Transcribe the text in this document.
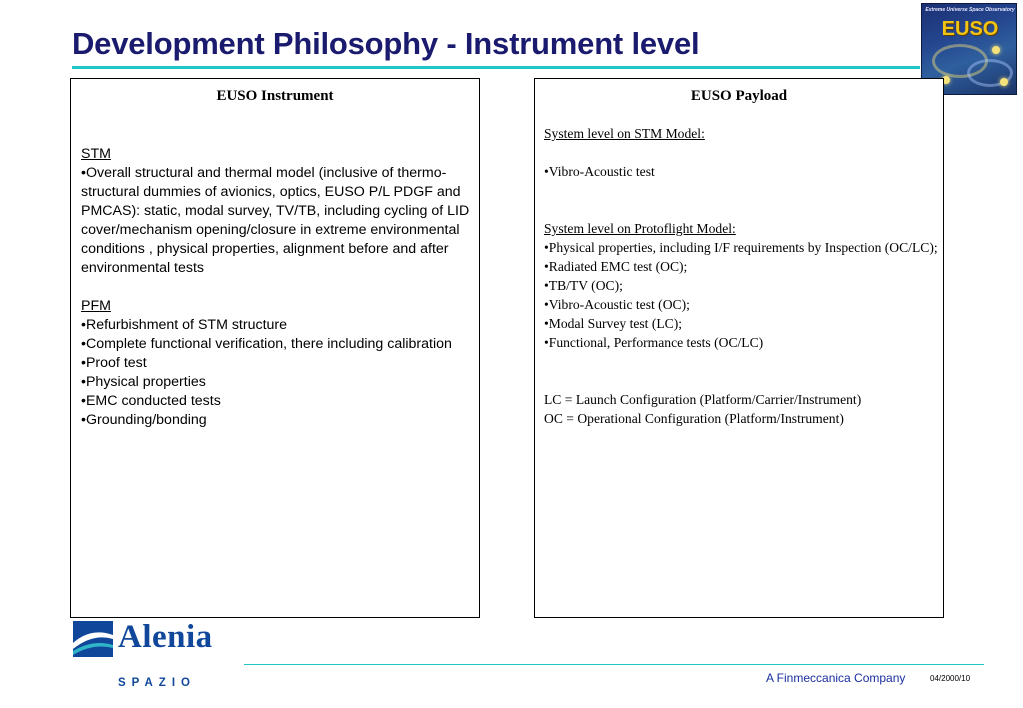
Development Philosophy - Instrument level
Extreme Universe Space Observatory
EUSO
EUSO Instrument
STM
• Overall structural and thermal model (inclusive of thermo-structural dummies of avionics, optics, EUSO P/L PDGF and PMCAS): static, modal survey, TV/TB, including cycling of LID cover/mechanism opening/closure in extreme environmental conditions , physical properties, alignment before and after environmental tests
PFM
• Refurbishment of STM structure
• Complete functional verification, there including calibration
• Proof test
• Physical properties
• EMC conducted tests
• Grounding/bonding
EUSO Payload
System level on STM Model:
• Vibro-Acoustic test
System level on Protoflight Model:
• Physical properties, including I/F requirements by Inspection (OC/LC);
• Radiated EMC test (OC);
• TB/TV (OC);
• Vibro-Acoustic test (OC);
• Modal Survey test (LC);
• Functional, Performance tests (OC/LC)
LC = Launch Configuration (Platform/Carrier/Instrument)
OC = Operational Configuration (Platform/Instrument)
Alenia
SPAZIO	A Finmeccanica Company	04/2000/10
